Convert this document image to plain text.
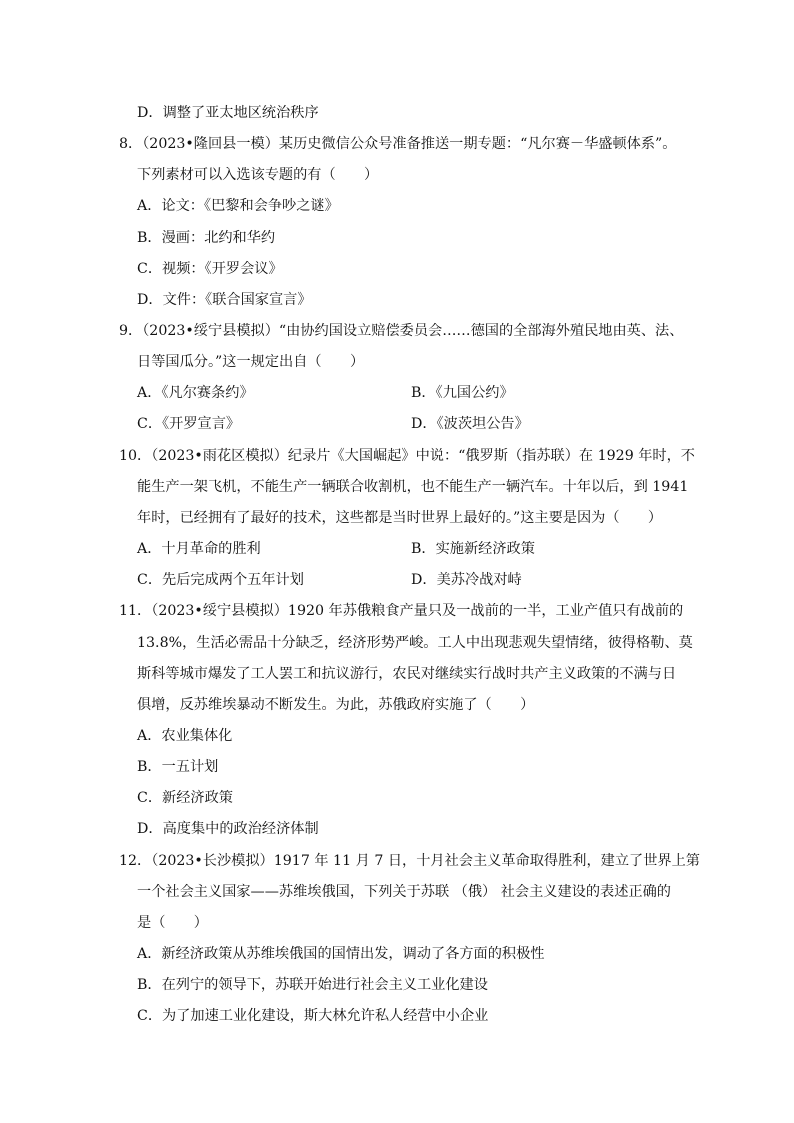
D．调整了亚太地区统治秩序
8．（2023•隆回县一模）某历史微信公众号准备推送一期专题：“凡尔赛－华盛顿体系”。
下列素材可以入选该专题的有（　　）
A．论文：《巴黎和会争吵之谜》
B．漫画：北约和华约
C．视频：《开罗会议》
D．文件：《联合国家宣言》
9．（2023•绥宁县模拟）“由协约国设立赔偿委员会……德国的全部海外殖民地由英、法、
日等国瓜分。”这一规定出自（　　）
A．《凡尔赛条约》	B．《九国公约》
C．《开罗宣言》	D．《波茨坦公告》
10．（2023•雨花区模拟）纪录片《大国崛起》中说：“俄罗斯（指苏联）在 1929 年时，不
能生产一架飞机，不能生产一辆联合收割机，也不能生产一辆汽车。十年以后，到 1941
年时，已经拥有了最好的技术，这些都是当时世界上最好的。”这主要是因为（　　）
A．十月革命的胜利	B．实施新经济政策
C．先后完成两个五年计划	D．美苏冷战对峙
11．（2023•绥宁县模拟）1920 年苏俄粮食产量只及一战前的一半，工业产值只有战前的
13.8%，生活必需品十分缺乏，经济形势严峻。工人中出现悲观失望情绪，彼得格勒、莫
斯科等城市爆发了工人罢工和抗议游行，农民对继续实行战时共产主义政策的不满与日
俱增，反苏维埃暴动不断发生。为此，苏俄政府实施了（　　）
A．农业集体化
B．一五计划
C．新经济政策
D．高度集中的政治经济体制
12．（2023•长沙模拟）1917 年 11 月 7 日，十月社会主义革命取得胜利，建立了世界上第
一个社会主义国家——苏维埃俄国，下列关于苏联 （俄） 社会主义建设的表述正确的
是（　　）
A．新经济政策从苏维埃俄国的国情出发，调动了各方面的积极性
B．在列宁的领导下，苏联开始进行社会主义工业化建设
C．为了加速工业化建设，斯大林允许私人经营中小企业
